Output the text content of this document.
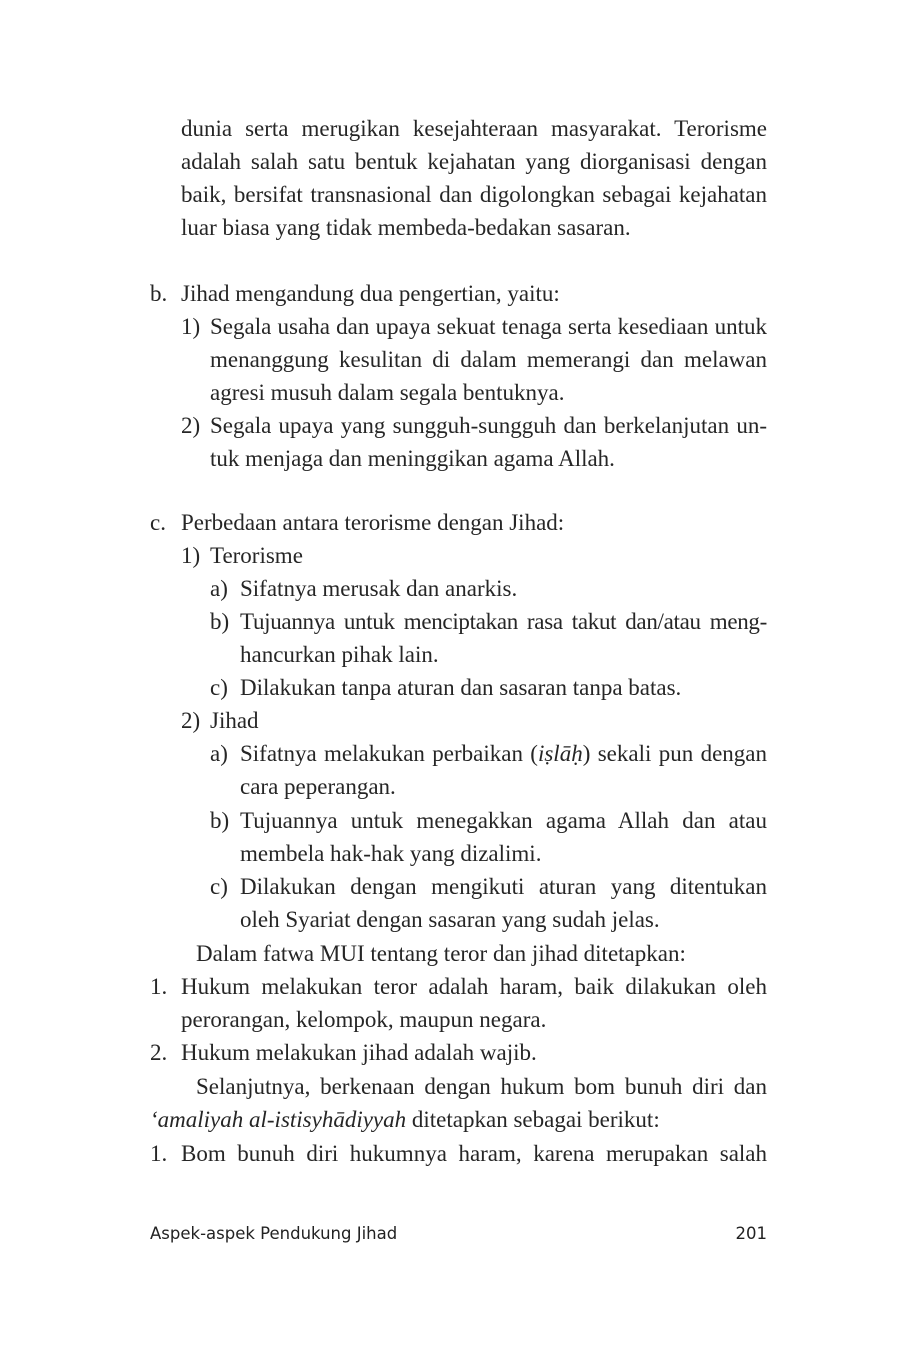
dunia serta merugikan kesejahteraan masyarakat. Terorisme
adalah salah satu bentuk kejahatan yang diorganisasi dengan
baik, bersifat transnasional dan digolongkan sebagai kejahatan
luar biasa yang tidak membeda-bedakan sasaran.
b. Jihad mengandung dua pengertian, yaitu:
1) Segala usaha dan upaya sekuat tenaga serta kesediaan untuk
menanggung kesulitan di dalam memerangi dan melawan
agresi musuh dalam segala bentuknya.
2) Segala upaya yang sungguh-sungguh dan berkelanjutan un-
tuk menjaga dan meninggikan agama Allah.
c. Perbedaan antara terorisme dengan Jihad:
1) Terorisme
a) Sifatnya merusak dan anarkis.
b) Tujuannya untuk menciptakan rasa takut dan/atau meng-
hancurkan pihak lain.
c) Dilakukan tanpa aturan dan sasaran tanpa batas.
2) Jihad
a) Sifatnya melakukan perbaikan (iṣlāḥ) sekali pun dengan
cara peperangan.
b) Tujuannya untuk menegakkan agama Allah dan atau
membela hak-hak yang dizalimi.
c) Dilakukan dengan mengikuti aturan yang ditentukan
oleh Syariat dengan sasaran yang sudah jelas.
Dalam fatwa MUI tentang teror dan jihad ditetapkan:
1. Hukum melakukan teror adalah haram, baik dilakukan oleh
perorangan, kelompok, maupun negara.
2. Hukum melakukan jihad adalah wajib.
Selanjutnya, berkenaan dengan hukum bom bunuh diri dan
‘amaliyah al-istisyhādiyyah ditetapkan sebagai berikut:
1. Bom bunuh diri hukumnya haram, karena merupakan salah
Aspek-aspek Pendukung Jihad	201
